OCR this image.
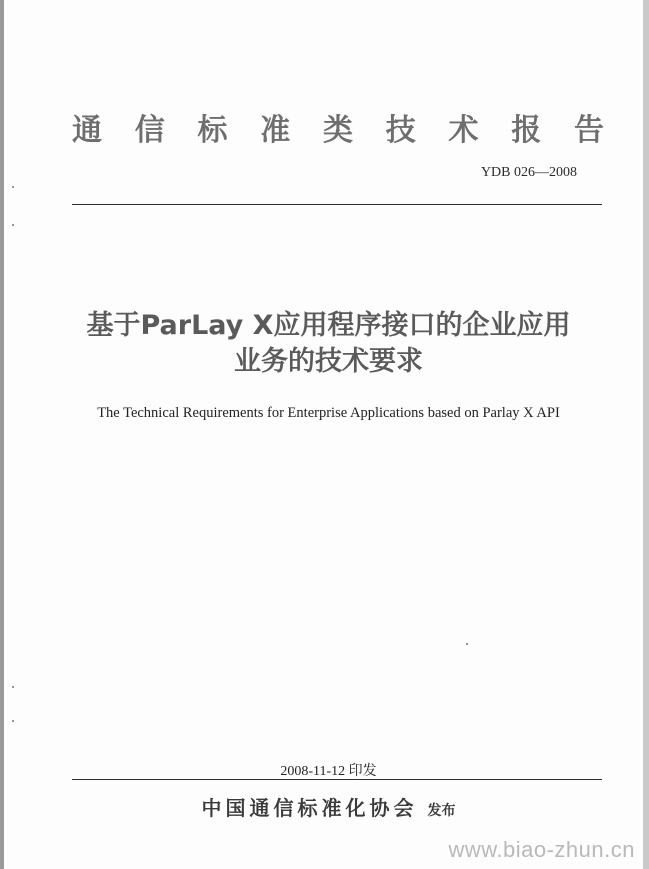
通 信 标 准 类 技 术 报 告
YDB 026—2008
基于ParLay X应用程序接口的企业应用
业务的技术要求
The Technical Requirements for Enterprise Applications based on Parlay X API
2008-11-12 印发
中国通信标准化协会 发布
www.biao-zhun.cn
